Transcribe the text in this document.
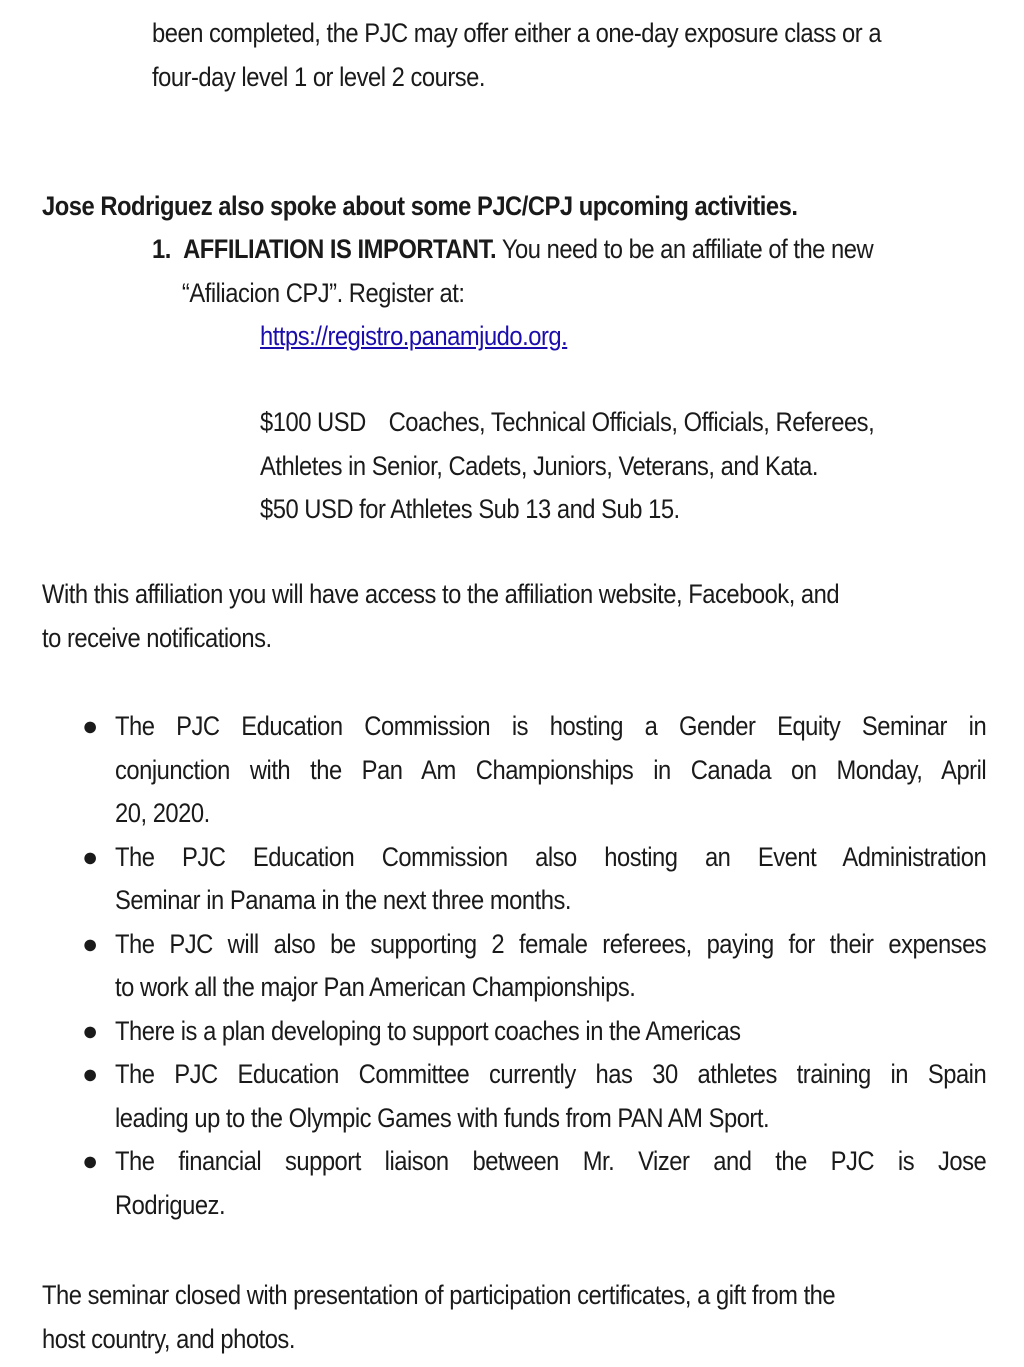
been completed, the PJC may offer either a one-day exposure class or a
four-day level 1 or level 2 course.
Jose Rodriguez also spoke about some PJC/CPJ upcoming activities.
1. AFFILIATION IS IMPORTANT. You need to be an affiliate of the new
“Afiliacion CPJ”. Register at:
https://registro.panamjudo.org.
$100 USD Coaches, Technical Officials, Officials, Referees,
Athletes in Senior, Cadets, Juniors, Veterans, and Kata.
$50 USD for Athletes Sub 13 and Sub 15.
With this affiliation you will have access to the affiliation website, Facebook, and
to receive notifications.
● The PJC Education Commission is hosting a Gender Equity Seminar in
conjunction with the Pan Am Championships in Canada on Monday, April
20, 2020.
● The PJC Education Commission also hosting an Event Administration
Seminar in Panama in the next three months.
● The PJC will also be supporting 2 female referees, paying for their expenses
to work all the major Pan American Championships.
● There is a plan developing to support coaches in the Americas
● The PJC Education Committee currently has 30 athletes training in Spain
leading up to the Olympic Games with funds from PAN AM Sport.
● The financial support liaison between Mr. Vizer and the PJC is Jose
Rodriguez.
The seminar closed with presentation of participation certificates, a gift from the
host country, and photos.
